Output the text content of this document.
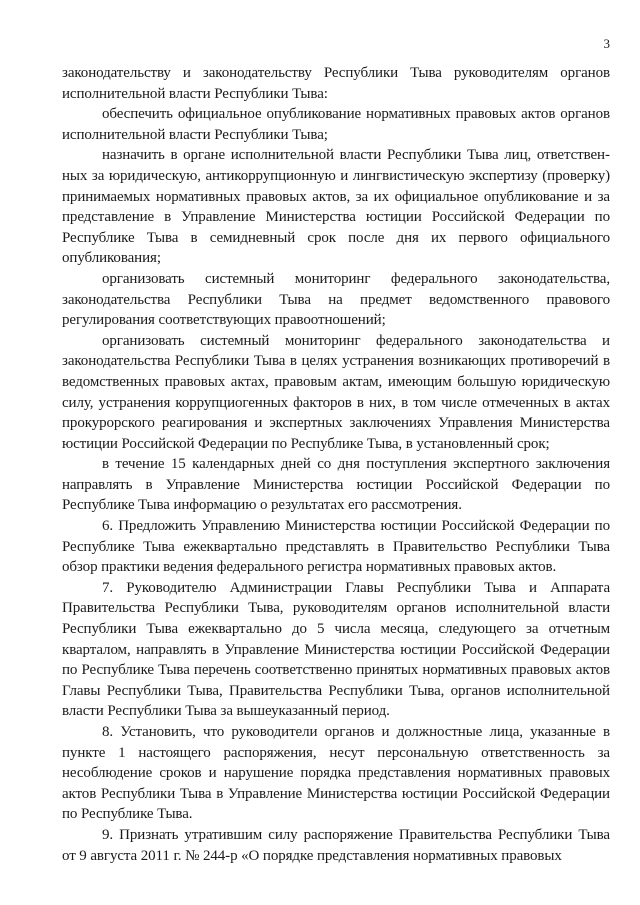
3

законодательству и законодательству Республики Тыва руководителям органов исполнительной власти Республики Тыва:

обеспечить официальное опубликование нормативных правовых актов органов исполнительной власти Республики Тыва;

назначить в органе исполнительной власти Республики Тыва лиц, ответственных за юридическую, антикоррупционную и лингвистическую экспертизу (проверку) принимаемых нормативных правовых актов, за их официальное опубликование и за представление в Управление Министерства юстиции Российской Федерации по Республике Тыва в семидневный срок после дня их первого официального опубликования;

организовать системный мониторинг федерального законодательства, законодательства Республики Тыва на предмет ведомственного правового регулирования соответствующих правоотношений;

организовать системный мониторинг федерального законодательства и законодательства Республики Тыва в целях устранения возникающих противоречий в ведомственных правовых актах, правовым актам, имеющим большую юридическую силу, устранения коррупциогенных факторов в них, в том числе отмеченных в актах прокурорского реагирования и экспертных заключениях Управления Министерства юстиции Российской Федерации по Республике Тыва, в установленный срок;

в течение 15 календарных дней со дня поступления экспертного заключения направлять в Управление Министерства юстиции Российской Федерации по Республике Тыва информацию о результатах его рассмотрения.

6. Предложить Управлению Министерства юстиции Российской Федерации по Республике Тыва ежеквартально представлять в Правительство Республики Тыва обзор практики ведения федерального регистра нормативных правовых актов.

7. Руководителю Администрации Главы Республики Тыва и Аппарата Правительства Республики Тыва, руководителям органов исполнительной власти Республики Тыва ежеквартально до 5 числа месяца, следующего за отчетным кварталом, направлять в Управление Министерства юстиции Российской Федерации по Республике Тыва перечень соответственно принятых нормативных правовых актов Главы Республики Тыва, Правительства Республики Тыва, органов исполнительной власти Республики Тыва за вышеуказанный период.

8. Установить, что руководители органов и должностные лица, указанные в пункте 1 настоящего распоряжения, несут персональную ответственность за несоблюдение сроков и нарушение порядка представления нормативных правовых актов Республики Тыва в Управление Министерства юстиции Российской Федерации по Республике Тыва.

9. Признать утратившим силу распоряжение Правительства Республики Тыва от 9 августа 2011 г. № 244-р «О порядке представления нормативных правовых
